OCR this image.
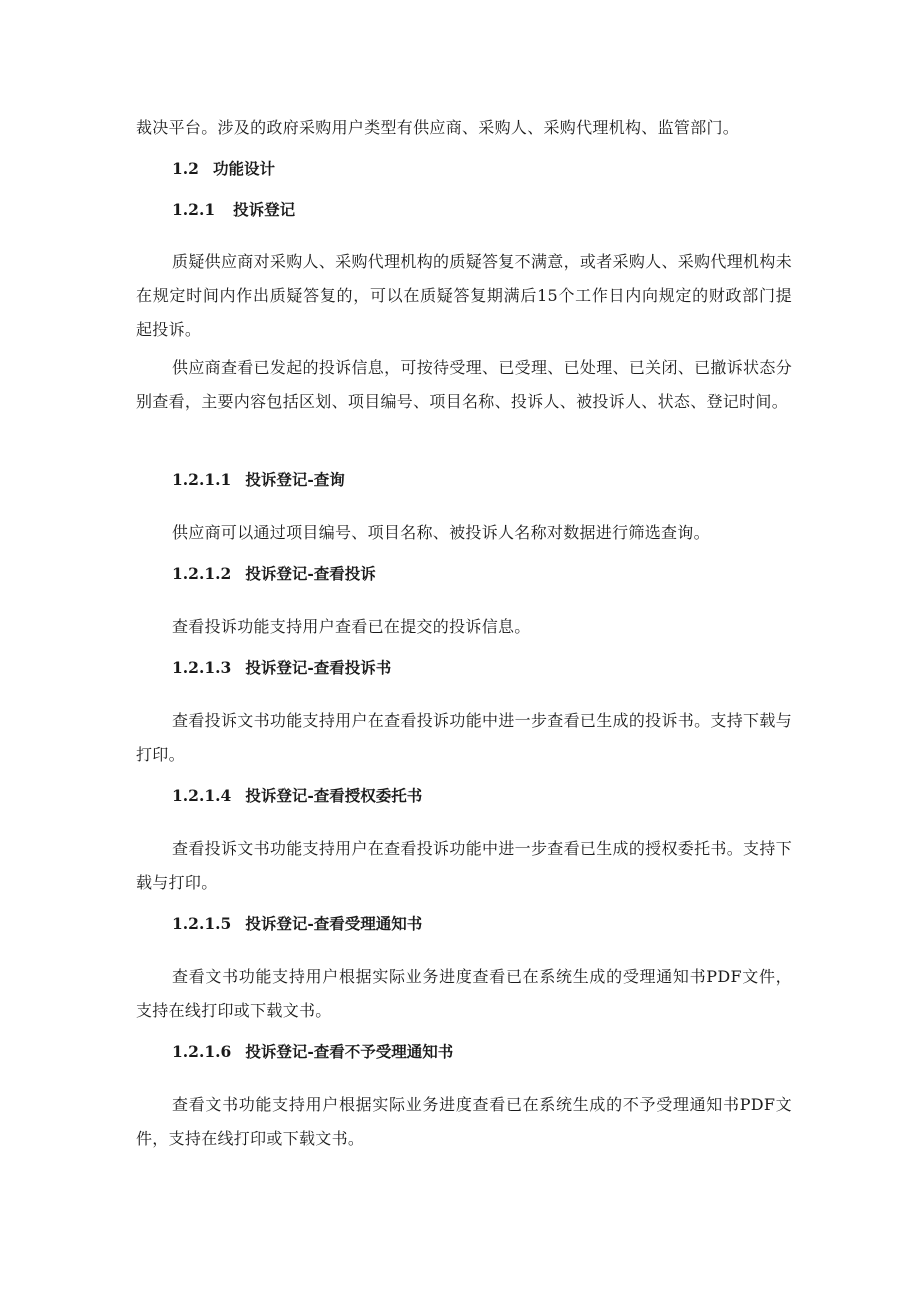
裁决平台。涉及的政府采购用户类型有供应商、采购人、采购代理机构、监管部门。

1.2 功能设计
1.2.1 投诉登记

质疑供应商对采购人、采购代理机构的质疑答复不满意，或者采购人、采购代理机构未在规定时间内作出质疑答复的，可以在质疑答复期满后15个工作日内向规定的财政部门提起投诉。

供应商查看已发起的投诉信息，可按待受理、已受理、已处理、已关闭、已撤诉状态分别查看，主要内容包括区划、项目编号、项目名称、投诉人、被投诉人、状态、登记时间。

1.2.1.1 投诉登记-查询

供应商可以通过项目编号、项目名称、被投诉人名称对数据进行筛选查询。

1.2.1.2 投诉登记-查看投诉

查看投诉功能支持用户查看已在提交的投诉信息。

1.2.1.3 投诉登记-查看投诉书

查看投诉文书功能支持用户在查看投诉功能中进一步查看已生成的投诉书。支持下载与打印。

1.2.1.4 投诉登记-查看授权委托书

查看投诉文书功能支持用户在查看投诉功能中进一步查看已生成的授权委托书。支持下载与打印。

1.2.1.5 投诉登记-查看受理通知书

查看文书功能支持用户根据实际业务进度查看已在系统生成的受理通知书PDF文件，支持在线打印或下载文书。

1.2.1.6 投诉登记-查看不予受理通知书

查看文书功能支持用户根据实际业务进度查看已在系统生成的不予受理通知书PDF文件，支持在线打印或下载文书。
